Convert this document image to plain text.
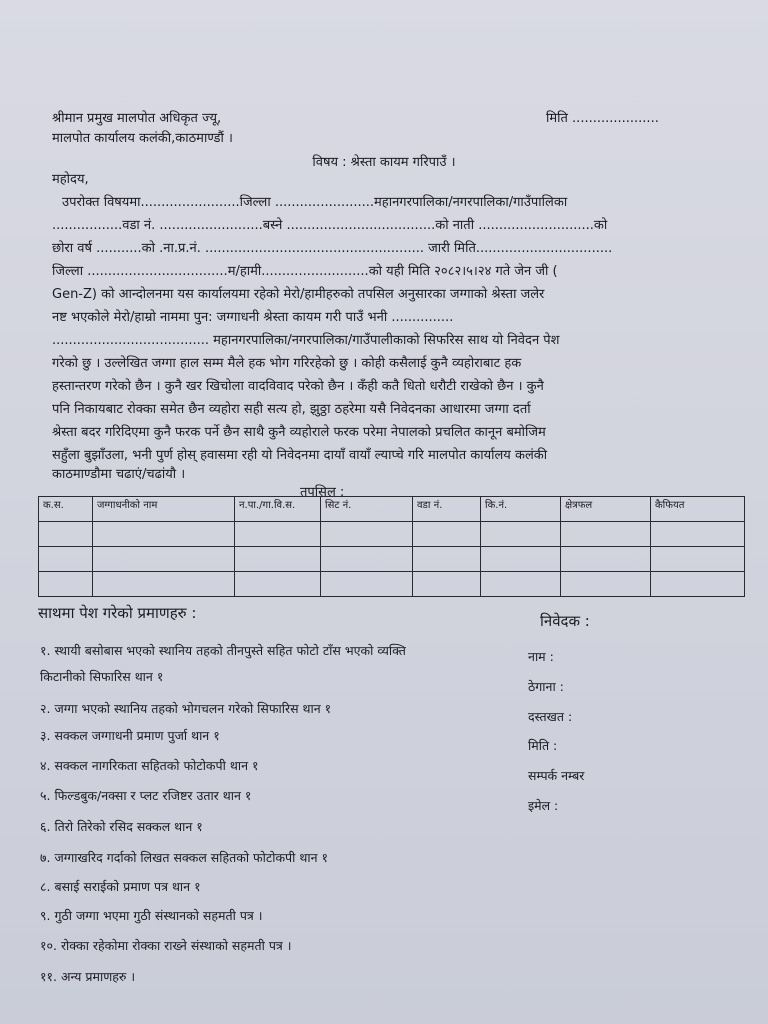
श्रीमान प्रमुख मालपोत अधिकृत ज्यू,
मालपोत कार्यालय कलंकी,काठमाण्डौं ।
मिति .....................
विषय : श्रेस्ता कायम गरिपाउँ ।
महोदय,
उपरोक्त विषयमा........................जिल्ला ........................महानगरपालिका/नगरपालिका/गाउँपालिका
.................वडा नं. .........................बस्ने ....................................को नाती ............................को
छोरा वर्ष ...........को .ना.प्र.नं. ..................................................... जारी मिति.................................
जिल्ला ..................................म/हामी..........................को यही मिति २०८२।५।२४ गते जेन जी (
Gen-Z) को आन्दोलनमा यस कार्यालयमा रहेको मेरो/हामीहरुको तपसिल अनुसारका जग्गाको श्रेस्ता जलेर
नष्ट भएकोले मेरो/हाम्रो नाममा पुन: जग्गाधनी श्रेस्ता कायम गरी पाउँ भनी ...............
...................................... महानगरपालिका/नगरपालिका/गाउँपालीकाको सिफरिस साथ यो निवेदन पेश
गरेको छु । उल्लेखित जग्गा हाल सम्म मैले हक भोग गरिरहेको छु । कोही कसैलाई कुनै व्यहोराबाट हक
हस्तान्तरण गरेको छैन । कुनै खर खिचोला वादविवाद परेको छैन । कँही कतै धितो धरौटी राखेको छैन । कुनै
पनि निकायबाट रोक्का समेत छैन व्यहोरा सही सत्य हो, झुठ्ठा ठहरेमा यसै निवेदनका आधारमा जग्गा दर्ता
श्रेस्ता बदर गरिदिएमा कुनै फरक पर्ने छैन साथै कुनै व्यहोराले फरक परेमा नेपालको प्रचलित कानून बमोजिम
सहुँला बुझाँउला, भनी पुर्ण होस् हवासमा रही यो निवेदनमा दायाँ वायाँ ल्याप्चे गरि मालपोत कार्यालय कलंकी
काठमाण्डौमा चढाएं/चढांयौ ।
तपसिल :
क.स.	जग्गाधनीको नाम	न.पा./गा.वि.स.	सिट नं.	वडा नं.	कि.नं.	क्षेत्रफल	कैफियत

साथमा पेश गरेको प्रमाणहरु :
१. स्थायी बसोबास भएको स्थानिय तहको तीनपुस्ते सहित फोटो टाँस भएको व्यक्ति
किटानीको सिफारिस थान १
२. जग्गा भएको स्थानिय तहको भोगचलन गरेको सिफारिस थान १
३. सक्कल जग्गाधनी प्रमाण पुर्जा थान १
४. सक्कल नागरिकता सहितको फोटोकपी थान १
५. फिल्डबुक/नक्सा र प्लट रजिष्टर उतार थान १
६. तिरो तिरेको रसिद सक्कल थान १
७. जग्गाखरिद गर्दाको लिखत सक्कल सहितको फोटोकपी थान १
८. बसाई सराईको प्रमाण पत्र थान १
९. गुठी जग्गा भएमा गुठी संस्थानको सहमती पत्र ।
१०. रोक्का रहेकोमा रोक्का राख्ने संस्थाको सहमती पत्र ।
११. अन्य प्रमाणहरु ।
निवेदक :
नाम :
ठेगाना :
दस्तखत :
मिति :
सम्पर्क नम्बर
इमेल :
